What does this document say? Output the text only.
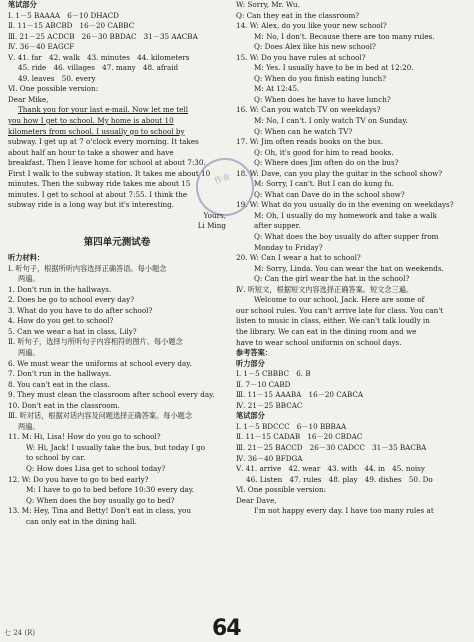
笔试部分
Ⅰ. 1－5 BAAAA　6－10 DHACD
Ⅱ. 11－15 ABCBD　16－20 CABBC
Ⅲ. 21－25 ACDCB　26－30 BBDAC　31－35 AACBA
Ⅳ. 36－40 EAGCF
Ⅴ. 41. far　42. walk　43. minutes　44. kilometers
45. ride　46. villages　47. many　48. afraid
49. leaves　50. every
Ⅵ. One possible version:
Dear Mike,
Thank you for your last e-mail. Now let me tell
you how I get to school. My home is about 10
kilometers from school. I usually go to school by
subway. I get up at 7 o'clock every morning. It takes
about half an hour to take a shower and have
breakfast. Then I leave home for school at about 7:30.
First I walk to the subway station. It takes me about 10
minutes. Then the subway ride takes me about 15
minutes. I get to school at about 7:55. I think the
subway ride is a long way but it's interesting.
Yours,
Li Ming
第四单元测试卷
听力材料：
Ⅰ. 听句子，根据所听内容选择正确答语。每小题念
两遍。
1. Don't run in the hallways.
2. Does he go to school every day?
3. What do you have to do after school?
4. How do you get to school?
5. Can we wear a hat in class, Lily?
Ⅱ. 听句子，选择与所听句子内容相符的图片。每小题念
两遍。
6. We must wear the uniforms at school every day.
7. Don't run in the hallways.
8. You can't eat in the class.
9. They must clean the classroom after school every day.
10. Don't eat in the classroom.
Ⅲ. 听对话，根据对话内容及问题选择正确答案。每小题念
两遍。
11. M: Hi, Lisa! How do you go to school?
W: Hi, Jack! I usually take the bus, but today I go
to school by car.
Q: How does Lisa get to school today?
12. W: Do you have to go to bed early?
M: I have to go to bed before 10:30 every day.
Q: When does the boy usually go to bed?
13. M: Hey, Tina and Betty! Don't eat in class, you
can only eat in the dining hall.
W: Sorry, Mr. Wu.
Q: Can they eat in the classroom?
14. W: Alex, do you like your new school?
M: No, I don't. Because there are too many rules.
Q: Does Alex like his new school?
15. W: Do you have rules at school?
M: Yes. I usually have to be in bed at 12:20.
Q: When do you finish eating lunch?
M: At 12:45.
Q: When does he have to have lunch?
16. W: Can you watch TV on weekdays?
M: No, I can't. I only watch TV on Sunday.
Q: When can he watch TV?
17. W: Jim often reads books on the bus.
Q: Oh, it's good for him to read books.
Q: Where does Jim often do on the bus?
18. W: Dave, can you play the guitar in the school show?
M: Sorry, I can't. But I can do kung fu.
Q: What can Dave do in the school show?
19. W: What do you usually do in the evening on weekdays?
M: Oh, I usually do my homework and take a walk
after supper.
Q: What does the boy usually do after supper from
Monday to Friday?
20. W: Can I wear a hat to school?
M: Sorry, Linda. You can wear the hat on weekends.
Q: Can the girl wear the hat in the school?
Ⅳ. 听短文，根据短文内容选择正确答案。短文念三遍。
Welcome to our school, Jack. Here are some of
our school rules. You can't arrive late for class. You can't
listen to music in class, either. We can't talk loudly in
the library. We can eat in the dining room and we
have to wear school uniforms on school days.
参考答案：
听力部分
Ⅰ. 1－5 CBBBC　6. B
Ⅱ. 7－10 CABD
Ⅲ. 11－15 AAABA　16－20 CABCA
Ⅳ. 21－25 BBCAC
笔试部分
Ⅰ. 1－5 BDCCC　6－10 BBBAA
Ⅱ. 11－15 CADAB　16－20 CBDAC
Ⅲ. 21－25 BACCD　26－30 CADCC　31－35 BACBA
Ⅳ. 36－40 BFDGA
Ⅴ. 41. arrive　42. wear　43. with　44. in　45. noisy
46. Listen　47. rules　48. play　49. dishes　50. Do
Ⅵ. One possible version:
Dear Dave,
I'm not happy every day. I have too many rules at
作业
64
七 24 (R)
